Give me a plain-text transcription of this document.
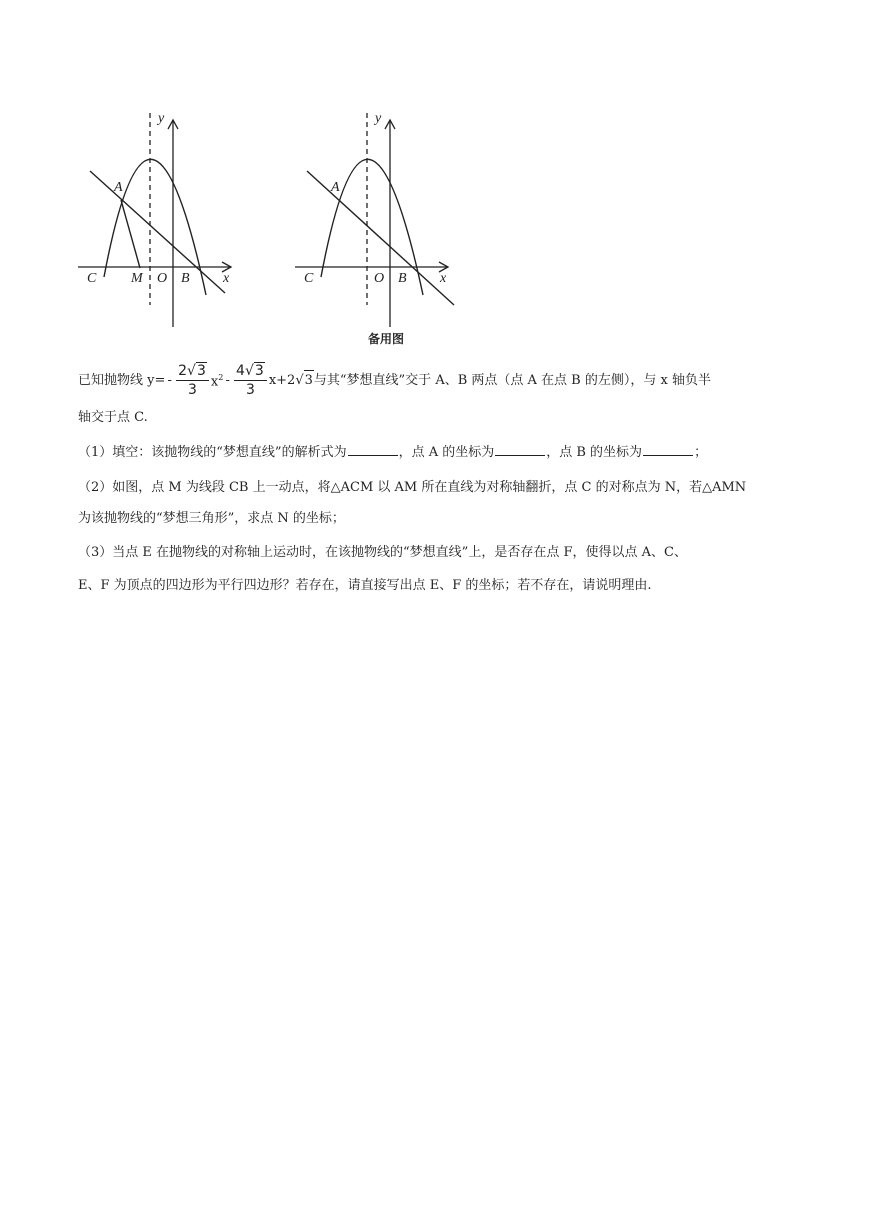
y
x
A
C M O B
y
x
A
C	O B
备用图
已知抛物线 y= -  $\frac{2√3}{3} x^2$  -  $\frac{4√3}{3} x+2$ √ 3 与其“梦想直线”交于 A、B 两点（点 A 在点 B 的左侧），与 x 轴负半
轴交于点 C.
（1）填空：该抛物线的“梦想直线”的解析式为	，点 A 的坐标为	，点 B 的坐标为	；
（2）如图，点 M 为线段 CB 上一动点，将△ACM 以 AM 所在直线为对称轴翻折，点 C 的对称点为 N，若△AMN
为该抛物线的“梦想三角形”，求点 N 的坐标；
（3）当点 E 在抛物线的对称轴上运动时，在该抛物线的“梦想直线”上，是否存在点 F，使得以点 A、C、
E、F 为顶点的四边形为平行四边形？若存在，请直接写出点 E、F 的坐标；若不存在，请说明理由.
